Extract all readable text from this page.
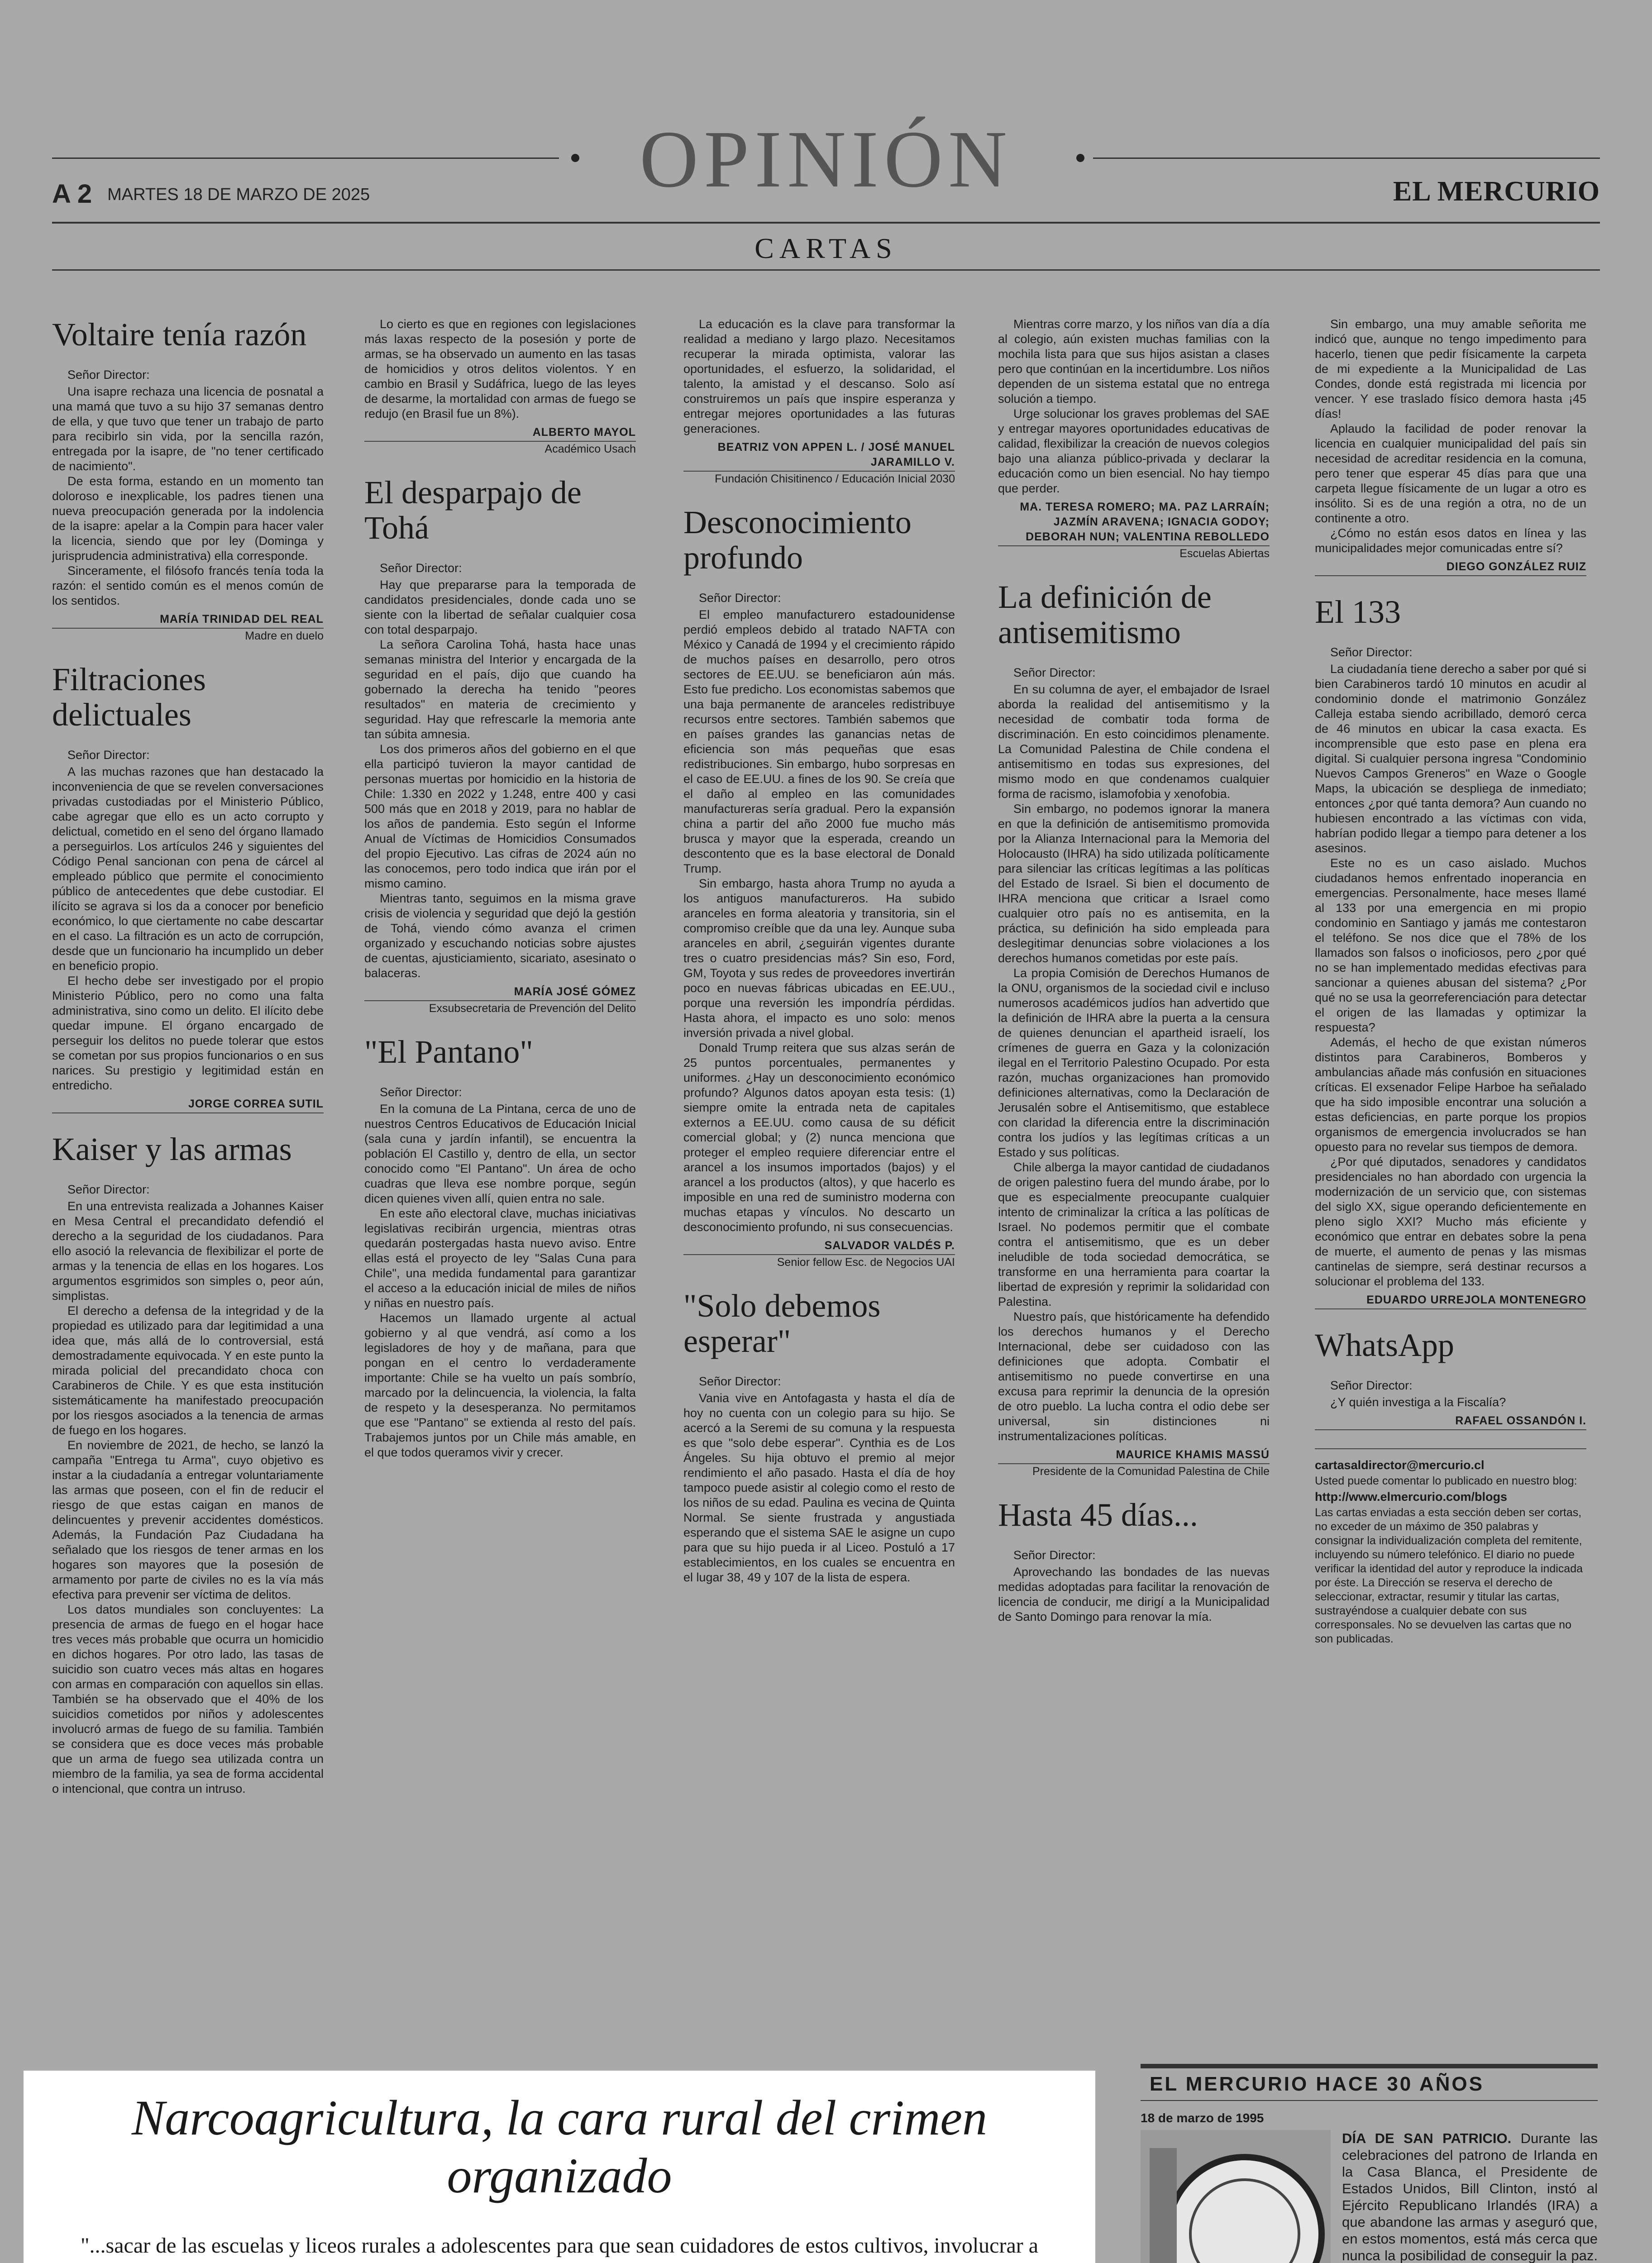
OPINIÓN
A 2 MARTES 18 DE MARZO DE 2025	EL MERCURIO
CARTAS
Voltaire tenía razón

Señor Director:

Una isapre rechaza una licencia de posnatal a una mamá que tuvo a su hijo 37 semanas dentro de ella, y que tuvo que tener un trabajo de parto para recibirlo sin vida, por la sencilla razón, entregada por la isapre, de "no tener certificado de nacimiento".

De esta forma, estando en un momento tan doloroso e inexplicable, los padres tienen una nueva preocupación generada por la indolencia de la isapre: apelar a la Compin para hacer valer la licencia, siendo que por ley (Dominga y jurisprudencia administrativa) ella corresponde.

Sinceramente, el filósofo francés tenía toda la razón: el sentido común es el menos común de los sentidos.

MARÍA TRINIDAD DEL REAL
Madre en duelo
Filtraciones delictuales

Señor Director:

A las muchas razones que han destacado la inconveniencia de que se revelen conversaciones privadas custodiadas por el Ministerio Público, cabe agregar que ello es un acto corrupto y delictual, cometido en el seno del órgano llamado a perseguirlos. Los artículos 246 y siguientes del Código Penal sancionan con pena de cárcel al empleado público que permite el conocimiento público de antecedentes que debe custodiar. El ilícito se agrava si los da a conocer por beneficio económico, lo que ciertamente no cabe descartar en el caso. La filtración es un acto de corrupción, desde que un funcionario ha incumplido un deber en beneficio propio.

El hecho debe ser investigado por el propio Ministerio Público, pero no como una falta administrativa, sino como un delito. El ilícito debe quedar impune. El órgano encargado de perseguir los delitos no puede tolerar que estos se cometan por sus propios funcionarios o en sus narices. Su prestigio y legitimidad están en entredicho.

JORGE CORREA SUTIL
Kaiser y las armas

Señor Director:

En una entrevista realizada a Johannes Kaiser en Mesa Central el precandidato defendió el derecho a la seguridad de los ciudadanos. Para ello asoció la relevancia de flexibilizar el porte de armas y la tenencia de ellas en los hogares. Los argumentos esgrimidos son simples o, peor aún, simplistas.

El derecho a defensa de la integridad y de la propiedad es utilizado para dar legitimidad a una idea que, más allá de lo controversial, está demostradamente equivocada. Y en este punto la mirada policial del precandidato choca con Carabineros de Chile. Y es que esta institución sistemáticamente ha manifestado preocupación por los riesgos asociados a la tenencia de armas de fuego en los hogares.

En noviembre de 2021, de hecho, se lanzó la campaña "Entrega tu Arma", cuyo objetivo es instar a la ciudadanía a entregar voluntariamente las armas que poseen, con el fin de reducir el riesgo de que estas caigan en manos de delincuentes y prevenir accidentes domésticos. Además, la Fundación Paz Ciudadana ha señalado que los riesgos de tener armas en los hogares son mayores que la posesión de armamento por parte de civiles no es la vía más efectiva para prevenir ser víctima de delitos.

Los datos mundiales son concluyentes: La presencia de armas de fuego en el hogar hace tres veces más probable que ocurra un homicidio en dichos hogares. Por otro lado, las tasas de suicidio son cuatro veces más altas en hogares con armas en comparación con aquellos sin ellas. También se ha observado que el 40% de los suicidios cometidos por niños y adolescentes involucró armas de fuego de su familia. También se considera que es doce veces más probable que un arma de fuego sea utilizada contra un miembro de la familia, ya sea de forma accidental o intencional, que contra un intruso.

Lo cierto es que en regiones con legislaciones más laxas respecto de la posesión y porte de armas, se ha observado un aumento en las tasas de homicidios y otros delitos violentos. Y en cambio en Brasil y Sudáfrica, luego de las leyes de desarme, la mortalidad con armas de fuego se redujo (en Brasil fue un 8%).

ALBERTO MAYOL
Académico Usach
El desparpajo de Tohá

Señor Director:

Hay que prepararse para la temporada de candidatos presidenciales, donde cada uno se siente con la libertad de señalar cualquier cosa con total desparpajo.

La señora Carolina Tohá, hasta hace unas semanas ministra del Interior y encargada de la seguridad en el país, dijo que cuando ha gobernado la derecha ha tenido "peores resultados" en materia de crecimiento y seguridad. Hay que refrescarle la memoria ante tan súbita amnesia.

Los dos primeros años del gobierno en el que ella participó tuvieron la mayor cantidad de personas muertas por homicidio en la historia de Chile: 1.330 en 2022 y 1.248, entre 400 y casi 500 más que en 2018 y 2019, para no hablar de los años de pandemia. Esto según el Informe Anual de Víctimas de Homicidios Consumados del propio Ejecutivo. Las cifras de 2024 aún no las conocemos, pero todo indica que irán por el mismo camino.

Mientras tanto, seguimos en la misma grave crisis de violencia y seguridad que dejó la gestión de Tohá, viendo cómo avanza el crimen organizado y escuchando noticias sobre ajustes de cuentas, ajusticiamiento, sicariato, asesinato o balaceras.

MARÍA JOSÉ GÓMEZ
Exsubsecretaria de Prevención del Delito
"El Pantano"

Señor Director:

En la comuna de La Pintana, cerca de uno de nuestros Centros Educativos de Educación Inicial (sala cuna y jardín infantil), se encuentra la población El Castillo y, dentro de ella, un sector conocido como "El Pantano". Un área de ocho cuadras que lleva ese nombre porque, según dicen quienes viven allí, quien entra no sale.

En este año electoral clave, muchas iniciativas legislativas recibirán urgencia, mientras otras quedarán postergadas hasta nuevo aviso. Entre ellas está el proyecto de ley "Salas Cuna para Chile", una medida fundamental para garantizar el acceso a la educación inicial de miles de niños y niñas en nuestro país.

Hacemos un llamado urgente al actual gobierno y al que vendrá, así como a los legisladores de hoy y de mañana, para que pongan en el centro lo verdaderamente importante: Chile se ha vuelto un país sombrío, marcado por la delincuencia, la violencia, la falta de respeto y la desesperanza. No permitamos que ese "Pantano" se extienda al resto del país. Trabajemos juntos por un Chile más amable, en el que todos queramos vivir y crecer.

La educación es la clave para transformar la realidad a mediano y largo plazo. Necesitamos recuperar la mirada optimista, valorar las oportunidades, el esfuerzo, la solidaridad, el talento, la amistad y el descanso. Solo así construiremos un país que inspire esperanza y entregar mejores oportunidades a las futuras generaciones.

BEATRIZ VON APPEN L. / JOSÉ MANUEL JARAMILLO V.
Fundación Chisitinenco / Educación Inicial 2030
Desconocimiento profundo

Señor Director:

El empleo manufacturero estadounidense perdió empleos debido al tratado NAFTA con México y Canadá de 1994 y el crecimiento rápido de muchos países en desarrollo, pero otros sectores de EE.UU. se beneficiaron aún más. Esto fue predicho. Los economistas sabemos que una baja permanente de aranceles redistribuye recursos entre sectores. También sabemos que en países grandes las ganancias netas de eficiencia son más pequeñas que esas redistribuciones. Sin embargo, hubo sorpresas en el caso de EE.UU. a fines de los 90. Se creía que el daño al empleo en las comunidades manufactureras sería gradual. Pero la expansión china a partir del año 2000 fue mucho más brusca y mayor que la esperada, creando un descontento que es la base electoral de Donald Trump.

Sin embargo, hasta ahora Trump no ayuda a los antiguos manufactureros. Ha subido aranceles en forma aleatoria y transitoria, sin el compromiso creíble que da una ley. Aunque suba aranceles en abril, ¿seguirán vigentes durante tres o cuatro presidencias más? Sin eso, Ford, GM, Toyota y sus redes de proveedores invertirán poco en nuevas fábricas ubicadas en EE.UU., porque una reversión les impondría pérdidas. Hasta ahora, el impacto es uno solo: menos inversión privada a nivel global.

Donald Trump reitera que sus alzas serán de 25 puntos porcentuales, permanentes y uniformes. ¿Hay un desconocimiento económico profundo? Algunos datos apoyan esta tesis: (1) siempre omite la entrada neta de capitales externos a EE.UU. como causa de su déficit comercial global; y (2) nunca menciona que proteger el empleo requiere diferenciar entre el arancel a los insumos importados (bajos) y el arancel a los productos (altos), y que hacerlo es imposible en una red de suministro moderna con muchas etapas y vínculos. No descarto un desconocimiento profundo, ni sus consecuencias.

SALVADOR VALDÉS P.
Senior fellow Esc. de Negocios UAI
"Solo debemos esperar"

Señor Director:

Vania vive en Antofagasta y hasta el día de hoy no cuenta con un colegio para su hijo. Se acercó a la Seremi de su comuna y la respuesta es que "solo debe esperar". Cynthia es de Los Ángeles. Su hija obtuvo el premio al mejor rendimiento el año pasado. Hasta el día de hoy tampoco puede asistir al colegio como el resto de los niños de su edad. Paulina es vecina de Quinta Normal. Se siente frustrada y angustiada esperando que el sistema SAE le asigne un cupo para que su hijo pueda ir al Liceo. Postuló a 17 establecimientos, en los cuales se encuentra en el lugar 38, 49 y 107 de la lista de espera.

Mientras corre marzo, y los niños van día a día al colegio, aún existen muchas familias con la mochila lista para que sus hijos asistan a clases pero que continúan en la incertidumbre. Los niños dependen de un sistema estatal que no entrega solución a tiempo.

Urge solucionar los graves problemas del SAE y entregar mayores oportunidades educativas de calidad, flexibilizar la creación de nuevos colegios bajo una alianza público-privada y declarar la educación como un bien esencial. No hay tiempo que perder.

MA. TERESA ROMERO; MA. PAZ LARRAÍN; JAZMÍN ARAVENA; IGNACIA GODOY; DEBORAH NUN; VALENTINA REBOLLEDO
Escuelas Abiertas
La definición de antisemitismo

Señor Director:

En su columna de ayer, el embajador de Israel aborda la realidad del antisemitismo y la necesidad de combatir toda forma de discriminación. En esto coincidimos plenamente. La Comunidad Palestina de Chile condena el antisemitismo en todas sus expresiones, del mismo modo en que condenamos cualquier forma de racismo, islamofobia y xenofobia.

Sin embargo, no podemos ignorar la manera en que la definición de antisemitismo promovida por la Alianza Internacional para la Memoria del Holocausto (IHRA) ha sido utilizada políticamente para silenciar las críticas legítimas a las políticas del Estado de Israel. Si bien el documento de IHRA menciona que criticar a Israel como cualquier otro país no es antisemita, en la práctica, su definición ha sido empleada para deslegitimar denuncias sobre violaciones a los derechos humanos cometidas por este país.

La propia Comisión de Derechos Humanos de la ONU, organismos de la sociedad civil e incluso numerosos académicos judíos han advertido que la definición de IHRA abre la puerta a la censura de quienes denuncian el apartheid israelí, los crímenes de guerra en Gaza y la colonización ilegal en el Territorio Palestino Ocupado. Por esta razón, muchas organizaciones han promovido definiciones alternativas, como la Declaración de Jerusalén sobre el Antisemitismo, que establece con claridad la diferencia entre la discriminación contra los judíos y las legítimas críticas a un Estado y sus políticas.

Chile alberga la mayor cantidad de ciudadanos de origen palestino fuera del mundo árabe, por lo que es especialmente preocupante cualquier intento de criminalizar la crítica a las políticas de Israel. No podemos permitir que el combate contra el antisemitismo, que es un deber ineludible de toda sociedad democrática, se transforme en una herramienta para coartar la libertad de expresión y reprimir la solidaridad con Palestina.

Nuestro país, que históricamente ha defendido los derechos humanos y el Derecho Internacional, debe ser cuidadoso con las definiciones que adopta. Combatir el antisemitismo no puede convertirse en una excusa para reprimir la denuncia de la opresión de otro pueblo. La lucha contra el odio debe ser universal, sin distinciones ni instrumentalizaciones políticas.

MAURICE KHAMIS MASSÚ
Presidente de la Comunidad Palestina de Chile
Hasta 45 días...

Señor Director:

Aprovechando las bondades de las nuevas medidas adoptadas para facilitar la renovación de licencia de conducir, me dirigí a la Municipalidad de Santo Domingo para renovar la mía.

Sin embargo, una muy amable señorita me indicó que, aunque no tengo impedimento para hacerlo, tienen que pedir físicamente la carpeta de mi expediente a la Municipalidad de Las Condes, donde está registrada mi licencia por vencer. Y ese traslado físico demora hasta ¡45 días!

Aplaudo la facilidad de poder renovar la licencia en cualquier municipalidad del país sin necesidad de acreditar residencia en la comuna, pero tener que esperar 45 días para que una carpeta llegue físicamente de un lugar a otro es insólito. Si es de una región a otra, no de un continente a otro.

¿Cómo no están esos datos en línea y las municipalidades mejor comunicadas entre sí?

DIEGO GONZÁLEZ RUIZ
El 133

Señor Director:

La ciudadanía tiene derecho a saber por qué si bien Carabineros tardó 10 minutos en acudir al condominio donde el matrimonio González Calleja estaba siendo acribillado, demoró cerca de 46 minutos en ubicar la casa exacta. Es incomprensible que esto pase en plena era digital. Si cualquier persona ingresa "Condominio Nuevos Campos Greneros" en Waze o Google Maps, la ubicación se despliega de inmediato; entonces ¿por qué tanta demora? Aun cuando no hubiesen encontrado a las víctimas con vida, habrían podido llegar a tiempo para detener a los asesinos.

Este no es un caso aislado. Muchos ciudadanos hemos enfrentado inoperancia en emergencias. Personalmente, hace meses llamé al 133 por una emergencia en mi propio condominio en Santiago y jamás me contestaron el teléfono. Se nos dice que el 78% de los llamados son falsos o inoficiosos, pero ¿por qué no se han implementado medidas efectivas para sancionar a quienes abusan del sistema? ¿Por qué no se usa la georreferenciación para detectar el origen de las llamadas y optimizar la respuesta?

Además, el hecho de que existan números distintos para Carabineros, Bomberos y ambulancias añade más confusión en situaciones críticas. El exsenador Felipe Harboe ha señalado que ha sido imposible encontrar una solución a estas deficiencias, en parte porque los propios organismos de emergencia involucrados se han opuesto para no revelar sus tiempos de demora.

¿Por qué diputados, senadores y candidatos presidenciales no han abordado con urgencia la modernización de un servicio que, con sistemas del siglo XX, sigue operando deficientemente en pleno siglo XXI? Mucho más eficiente y económico que entrar en debates sobre la pena de muerte, el aumento de penas y las mismas cantinelas de siempre, será destinar recursos a solucionar el problema del 133.

EDUARDO URREJOLA MONTENEGRO
WhatsApp

Señor Director:

¿Y quién investiga a la Fiscalía?

RAFAEL OSSANDÓN I.

cartasaldirector@mercurio.cl

Usted puede comentar lo publicado en nuestro blog:

http://www.elmercurio.com/blogs

Las cartas enviadas a esta sección deben ser cortas, no exceder de un máximo de 350 palabras y consignar la individualización completa del remitente, incluyendo su número telefónico. El diario no puede verificar la identidad del autor y reproduce la indicada por éste. La Dirección se reserva el derecho de seleccionar, extractar, resumir y titular las cartas, sustrayéndose a cualquier debate con sus corresponsales. No se devuelven las cartas que no son publicadas.

Narcoagricultura, la cara rural del crimen organizado
"...sacar de las escuelas y liceos rurales a adolescentes para que sean cuidadores de estos cultivos, involucrar a

EL MERCURIO HACE 30 AÑOS
18 de marzo de 1995
DÍA DE SAN PATRICIO. Durante las celebraciones del patrono de Irlanda en la Casa Blanca, el Presidente de Estados Unidos, Bill Clinton, instó al Ejército Republicano Irlandés (IRA) a que abandone las armas y aseguró que, en estos momentos, está más cerca que nunca la posibilidad de conseguir la paz.
